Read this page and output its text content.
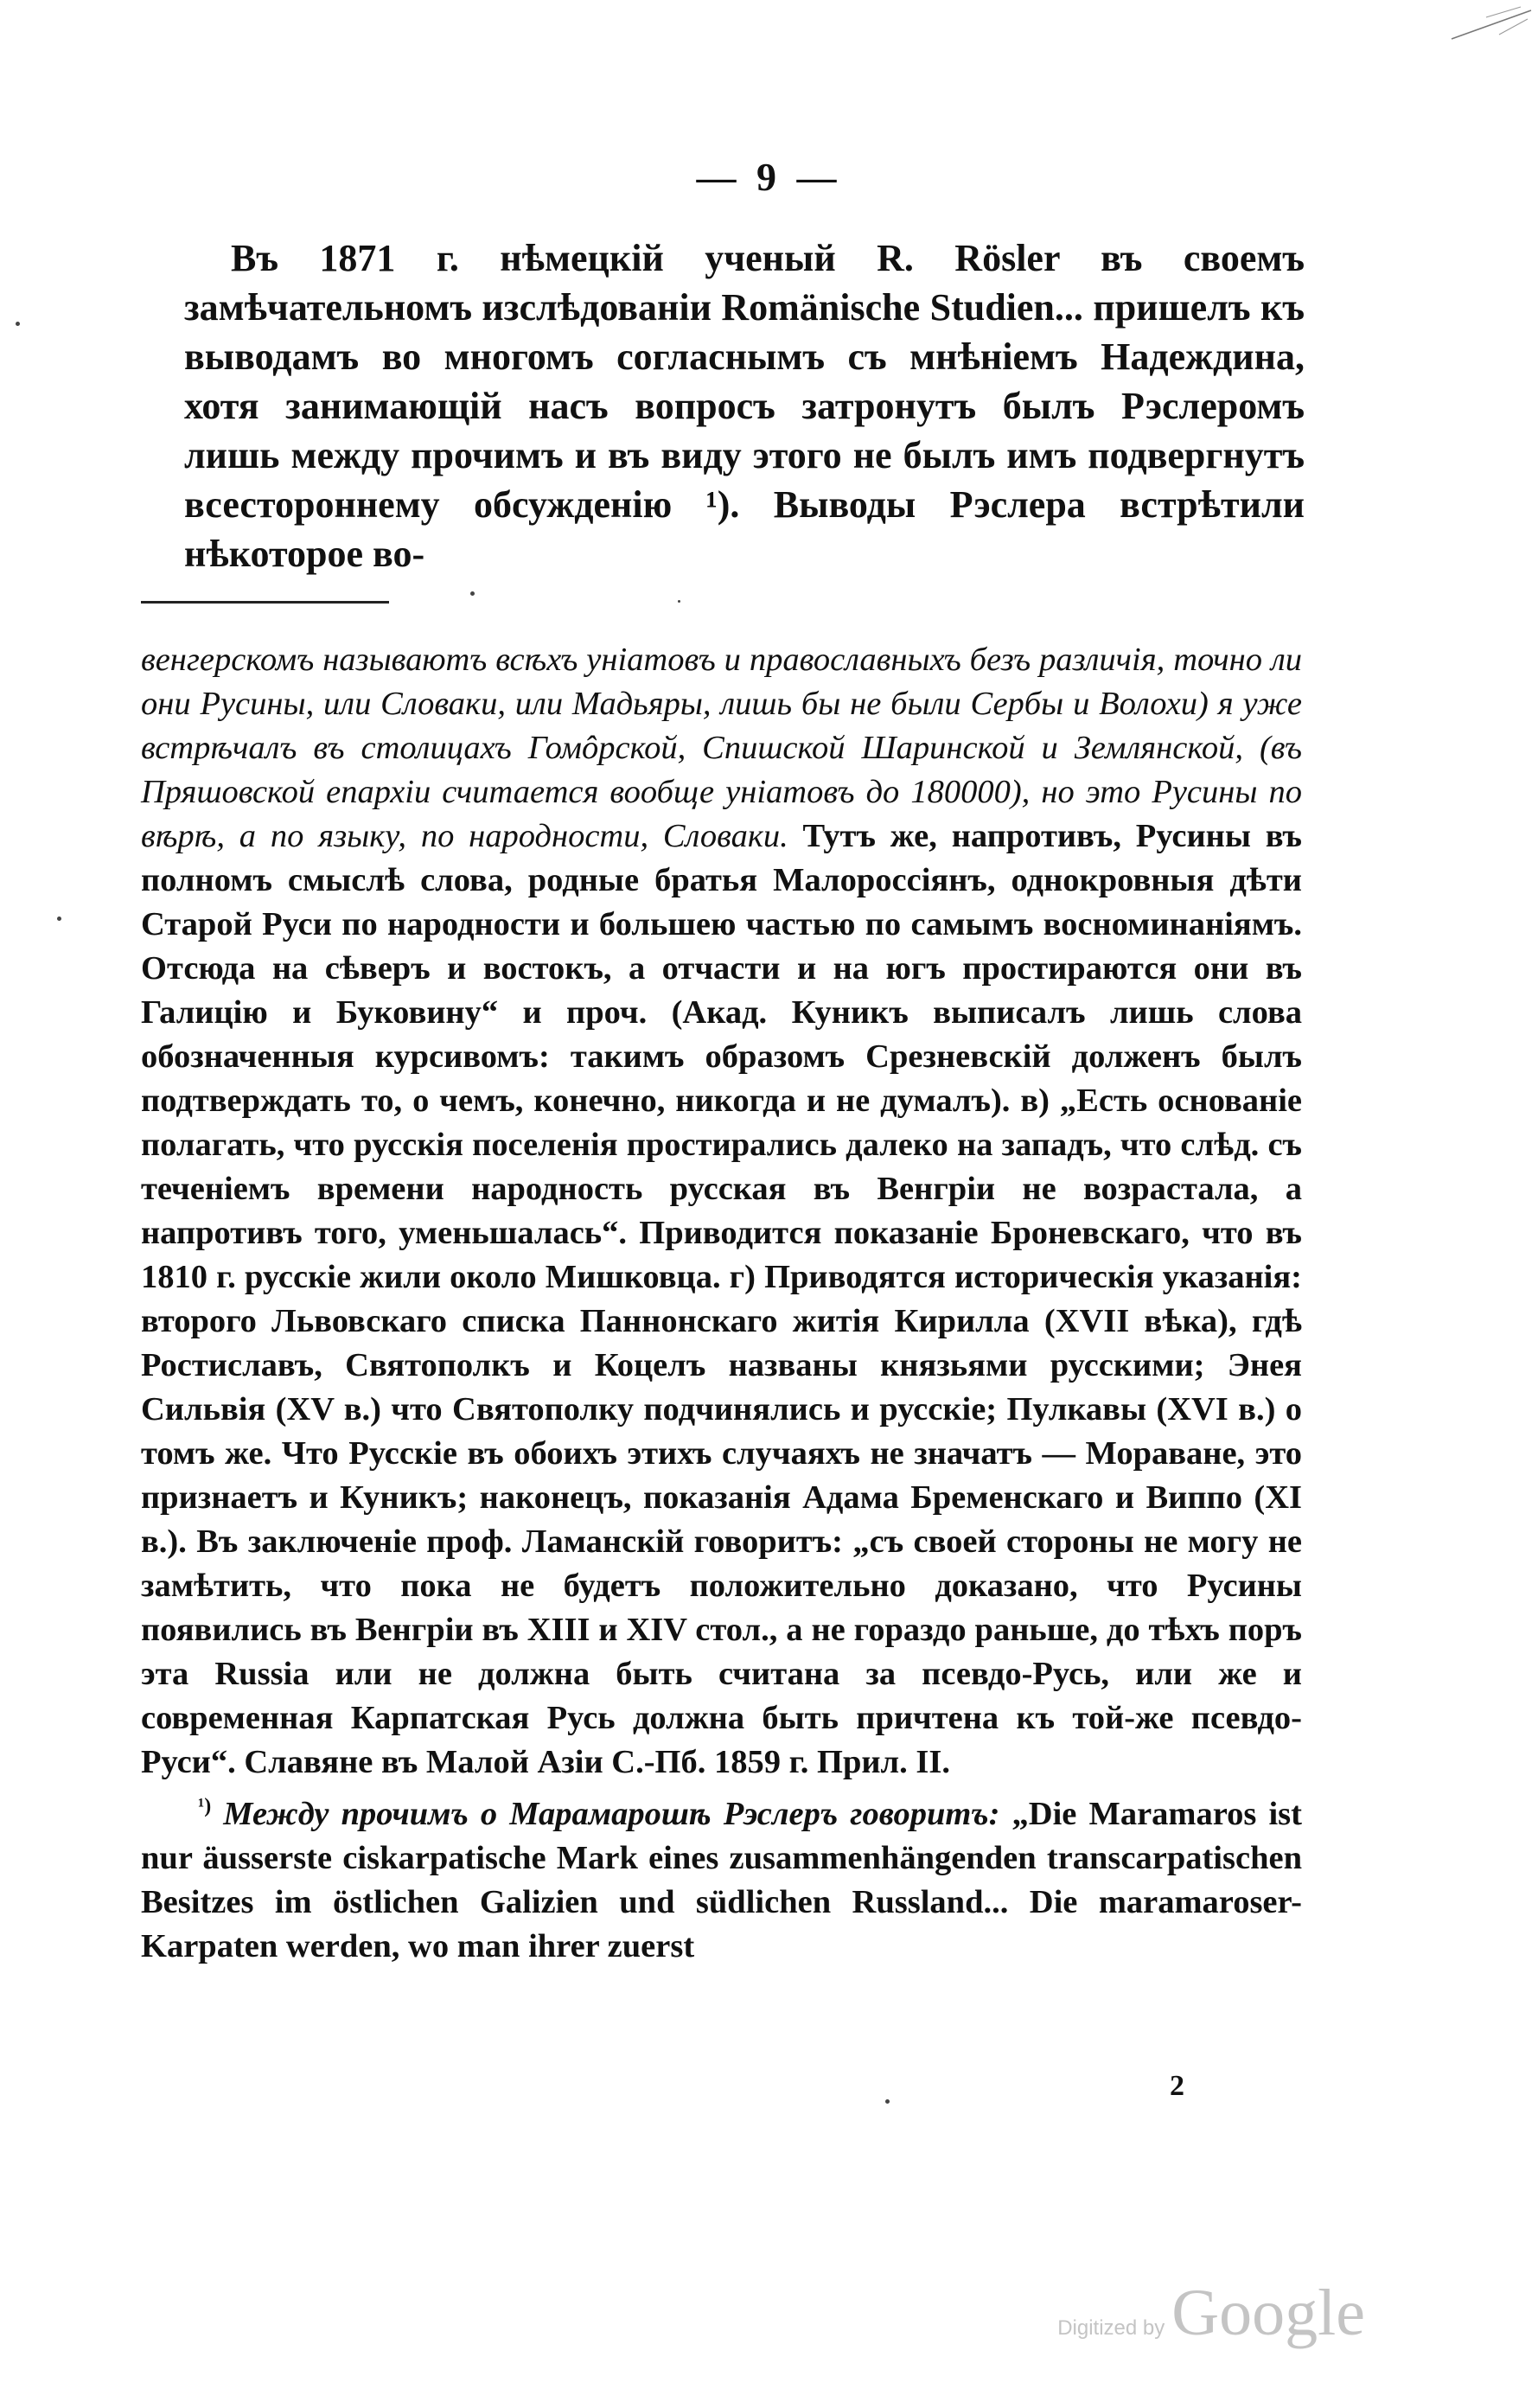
— 9 —

Въ 1871 г. нѣмецкій ученый R. Rösler въ своемъ замѣчательномъ изслѣдованіи Romänische Studien... пришелъ къ выводамъ во многомъ согласнымъ съ мнѣніемъ Надеждина, хотя занимающій насъ вопросъ затронутъ былъ Рэслеромъ лишь между прочимъ и въ виду этого не былъ имъ подвергнутъ всестороннему обсужденію ¹). Выводы Рэслера встрѣтили нѣкоторое во-

венгерскомъ называютъ всѣхъ уніатовъ и православныхъ безъ различія, точно ли они Русины, или Словаки, или Мадьяры, лишь бы не были Сербы и Волохи) я уже встрѣчалъ въ столицахъ Гомôрской, Спишской Шаринской и Землянской, (въ Пряшовской епархіи считается вообще уніатовъ до 180000), но это Русины по вѣрѣ, а по языку, по народности, Словаки. Тутъ же, напротивъ, Русины въ полномъ смыслѣ слова, родные братья Малороссіянъ, однокровныя дѣти Старой Руси по народности и большею частью по самымъ восноминаніямъ. Отсюда на сѣверъ и востокъ, а отчасти и на югъ простираются они въ Галицію и Буковину“ и проч. (Акад. Куникъ выписалъ лишь слова обозначенныя курсивомъ: такимъ образомъ Срезневскій долженъ былъ подтверждать то, о чемъ, конечно, никогда и не думалъ). в) „Есть основаніе полагать, что русскія поселенія простирались далеко на западъ, что слѣд. съ теченіемъ времени народность русская въ Венгріи не возрастала, а напротивъ того, уменьшалась“. Приводится показаніе Броневскаго, что въ 1810 г. русскіе жили около Мишковца. г) Приводятся историческія указанія: второго Львовскаго списка Паннонскаго житія Кирилла (XVII вѣка), гдѣ Ростиславъ, Святополкъ и Коцелъ названы князьями русскими; Энея Сильвія (XV в.) что Святополку подчинялись и русскіе; Пулкавы (XVI в.) о томъ же. Что Русскіе въ обоихъ этихъ случаяхъ не значатъ — Мораване, это признаетъ и Куникъ; наконецъ, показанія Адама Бременскаго и Виппо (XI в.). Въ заключеніе проф. Ламанскій говоритъ: „съ своей стороны не могу не замѣтить, что пока не будетъ положительно доказано, что Русины появились въ Венгріи въ XIII и XIV стол., а не гораздо раньше, до тѣхъ поръ эта Russia или не должна быть считана за псевдо-Русь, или же и современная Карпатская Русь должна быть причтена къ той-же псевдо-Руси“. Славяне въ Малой Азіи С.-Пб. 1859 г. Прил. II.

$^{^1)}$ Между прочимъ о Марамарошѣ Рэслеръ говоритъ: „Die Maramaros ist nur äusserste ciskarpatische Mark eines zusammenhängenden transcarpatischen Besitzes im östlichen Galizien und südlichen Russland... Die maramaroser-Karpaten werden, wo man ihrer zuerst

2
Digitized by Google
